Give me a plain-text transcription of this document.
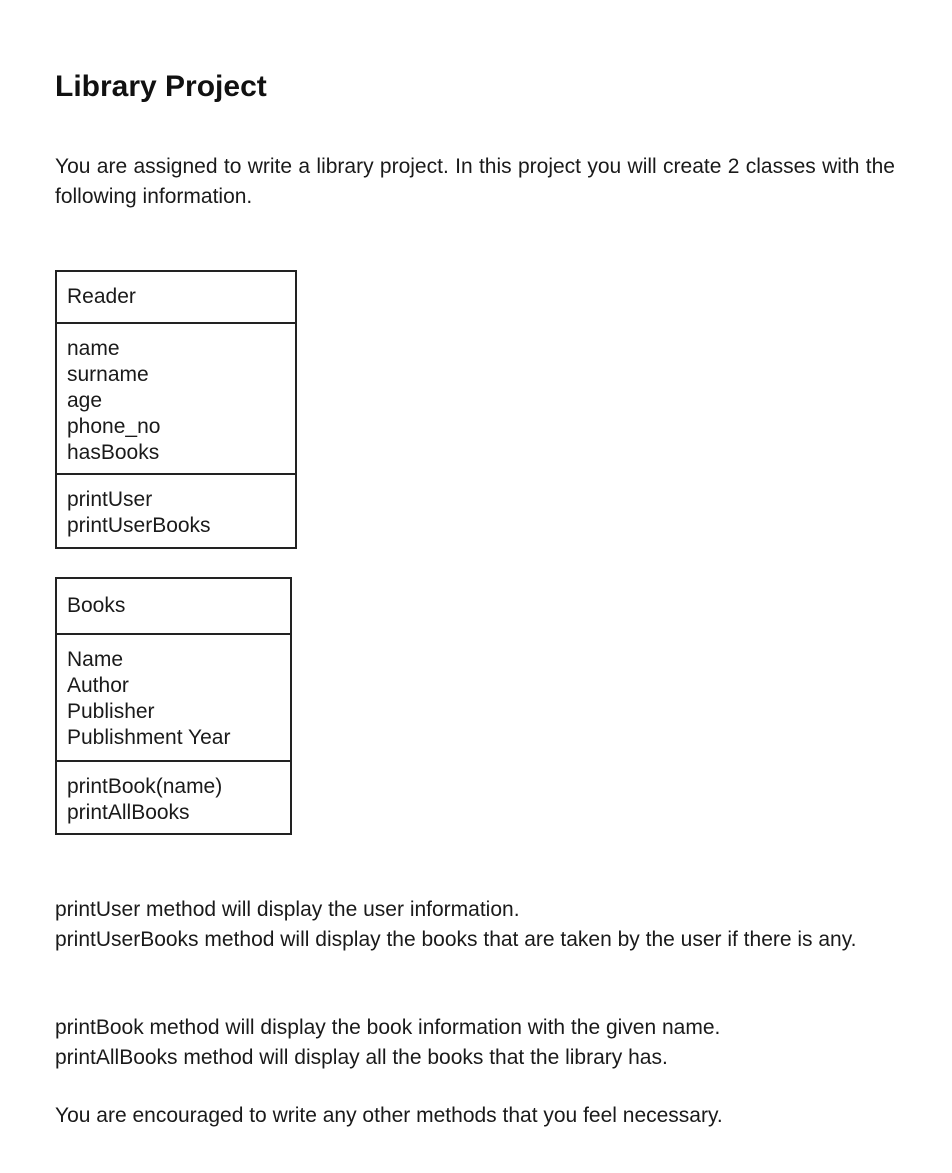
Library Project

You are assigned to write a library project. In this project you will create 2 classes with the following information.

Reader
name
surname
age
phone_no
hasBooks
printUser
printUserBooks
Books
Name
Author
Publisher
Publishment Year
printBook(name)
printAllBooks
printUser method will display the user information.
printUserBooks method will display the books that are taken by the user if there is any.
printBook method will display the book information with the given name.
printAllBooks method will display all the books that the library has.

You are encouraged to write any other methods that you feel necessary.
